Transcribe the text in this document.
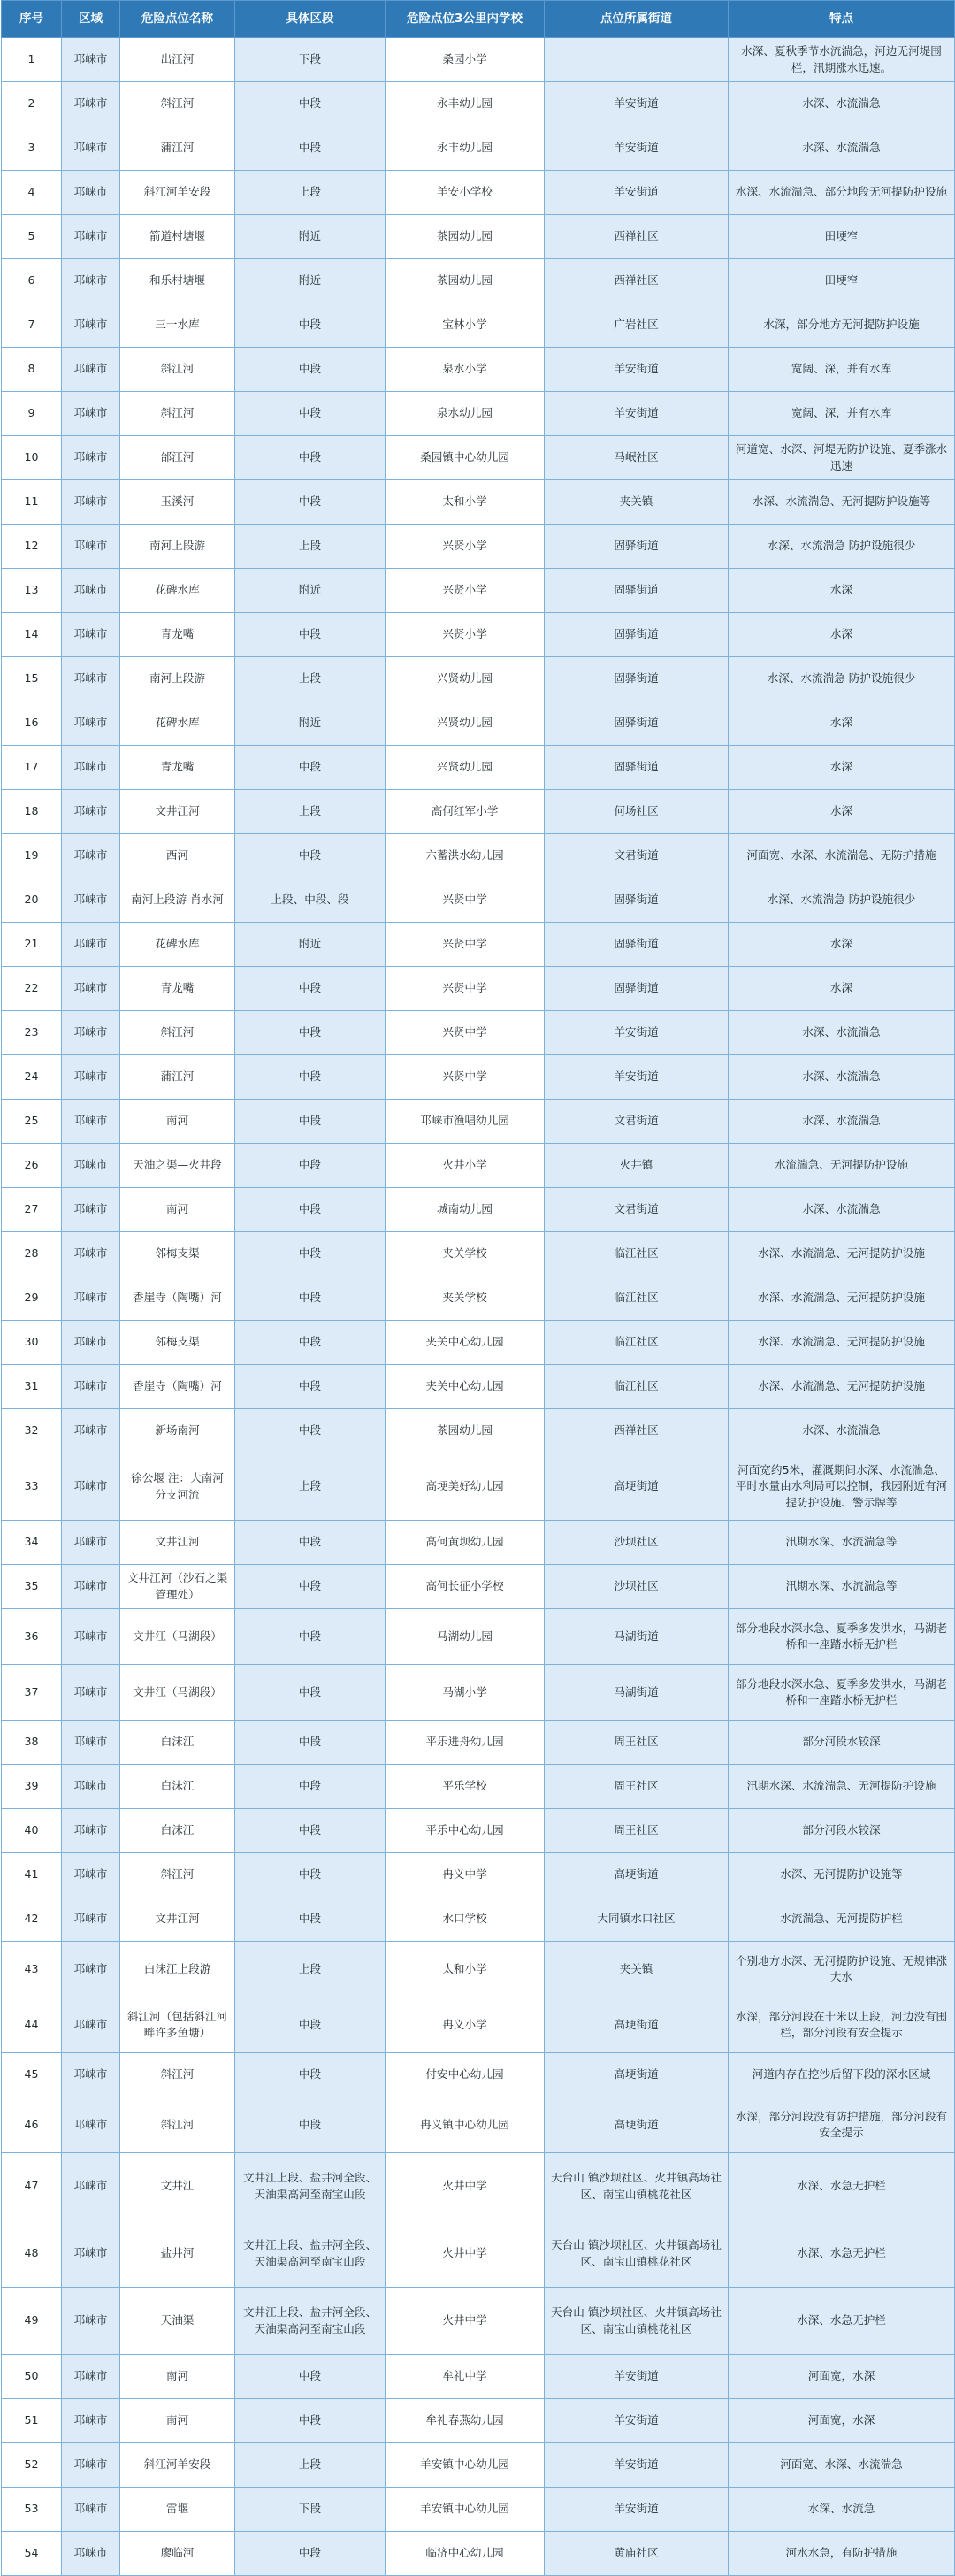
序号	区域	危险点位名称	具体区段	危险点位3公里内学校	点位所属街道	特点
1	邛崃市	出江河	下段	桑园小学		水深、夏秋季节水流湍急，河边无河堤围栏，汛期涨水迅速。
2	邛崃市	斜江河	中段	永丰幼儿园	羊安街道	水深、水流湍急
3	邛崃市	蒲江河	中段	永丰幼儿园	羊安街道	水深、水流湍急
4	邛崃市	斜江河羊安段	上段	羊安小学校	羊安街道	水深、水流湍急、部分地段无河提防护设施
5	邛崃市	箭道村塘堰	附近	茶园幼儿园	西禅社区	田埂窄
6	邛崃市	和乐村塘堰	附近	茶园幼儿园	西禅社区	田埂窄
7	邛崃市	三一水库	中段	宝林小学	广岩社区	水深，部分地方无河提防护设施
8	邛崃市	斜江河	中段	泉水小学	羊安街道	宽阔、深，并有水库
9	邛崃市	斜江河	中段	泉水幼儿园	羊安街道	宽阔、深，并有水库
10	邛崃市	邰江河	中段	桑园镇中心幼儿园	马岷社区	河道宽、水深、河堤无防护设施、夏季涨水迅速
11	邛崃市	玉溪河	中段	太和小学	夹关镇	水深、水流湍急、无河提防护设施等
12	邛崃市	南河上段游	上段	兴贤小学	固驿街道	水深、水流湍急 防护设施很少
13	邛崃市	花碑水库	附近	兴贤小学	固驿街道	水深
14	邛崃市	青龙嘴	中段	兴贤小学	固驿街道	水深
15	邛崃市	南河上段游	上段	兴贤幼儿园	固驿街道	水深、水流湍急 防护设施很少
16	邛崃市	花碑水库	附近	兴贤幼儿园	固驿街道	水深
17	邛崃市	青龙嘴	中段	兴贤幼儿园	固驿街道	水深
18	邛崃市	文井江河	上段	高何红军小学	何场社区	水深
19	邛崃市	西河	中段	六蓄洪水幼儿园	文君街道	河面宽、水深、水流湍急、无防护措施
20	邛崃市	南河上段游 肖水河	上段、中段、段	兴贤中学	固驿街道	水深、水流湍急 防护设施很少
21	邛崃市	花碑水库	附近	兴贤中学	固驿街道	水深
22	邛崃市	青龙嘴	中段	兴贤中学	固驿街道	水深
23	邛崃市	斜江河	中段	兴贤中学	羊安街道	水深、水流湍急
24	邛崃市	蒲江河	中段	兴贤中学	羊安街道	水深、水流湍急
25	邛崃市	南河	中段	邛崃市渔唱幼儿园	文君街道	水深、水流湍急
26	邛崃市	天油之渠—火井段	中段	火井小学	火井镇	水流湍急、无河提防护设施
27	邛崃市	南河	中段	城南幼儿园	文君街道	水深、水流湍急
28	邛崃市	邻梅支渠	中段	夹关学校	临江社区	水深、水流湍急、无河提防护设施
29	邛崃市	香崖寺（陶嘴）河	中段	夹关学校	临江社区	水深、水流湍急、无河提防护设施
30	邛崃市	邻梅支渠	中段	夹关中心幼儿园	临江社区	水深、水流湍急、无河提防护设施
31	邛崃市	香崖寺（陶嘴）河	中段	夹关中心幼儿园	临江社区	水深、水流湍急、无河提防护设施
32	邛崃市	新场南河	中段	茶园幼儿园	西禅社区	水深、水流湍急
33	邛崃市	徐公堰 注：大南河分支河流	上段	高埂美好幼儿园	高埂街道	河面宽约5米，灌溉期间水深、水流湍急、平时水量由水利局可以控制，我园附近有河提防护设施、警示牌等
34	邛崃市	文井江河	中段	高何黄坝幼儿园	沙坝社区	汛期水深、水流湍急等
35	邛崃市	文井江河（沙石之渠管理处）	中段	高何长征小学校	沙坝社区	汛期水深、水流湍急等
36	邛崃市	文井江（马湖段）	中段	马湖幼儿园	马湖街道	部分地段水深水急、夏季多发洪水，马湖老桥和一座踏水桥无护栏
37	邛崃市	文井江（马湖段）	中段	马湖小学	马湖街道	部分地段水深水急、夏季多发洪水，马湖老桥和一座踏水桥无护栏
38	邛崃市	白沫江	中段	平乐进舟幼儿园	周王社区	部分河段水较深
39	邛崃市	白沫江	中段	平乐学校	周王社区	汛期水深、水流湍急、无河提防护设施
40	邛崃市	白沫江	中段	平乐中心幼儿园	周王社区	部分河段水较深
41	邛崃市	斜江河	中段	冉义中学	高埂街道	水深、无河提防护设施等
42	邛崃市	文井江河	中段	水口学校	大同镇水口社区	水流湍急、无河提防护栏
43	邛崃市	白沫江上段游	上段	太和小学	夹关镇	个别地方水深、无河提防护设施、无规律涨大水
44	邛崃市	斜江河（包括斜江河畔许多鱼塘）	中段	冉义小学	高埂街道	水深，部分河段在十米以上段，河边没有围栏，部分河段有安全提示
45	邛崃市	斜江河	中段	付安中心幼儿园	高埂街道	河道内存在挖沙后留下段的深水区域
46	邛崃市	斜江河	中段	冉义镇中心幼儿园	高埂街道	水深，部分河段没有防护措施，部分河段有安全提示
47	邛崃市	文井江	文井江上段、盐井河全段、天油渠高河至南宝山段	火井中学	天台山 镇沙坝社区、火井镇高场社区、南宝山镇桃花社区	水深、水急无护栏
48	邛崃市	盐井河	文井江上段、盐井河全段、天油渠高河至南宝山段	火井中学	天台山 镇沙坝社区、火井镇高场社区、南宝山镇桃花社区	水深、水急无护栏
49	邛崃市	天油渠	文井江上段、盐井河全段、天油渠高河至南宝山段	火井中学	天台山 镇沙坝社区、火井镇高场社区、南宝山镇桃花社区	水深、水急无护栏
50	邛崃市	南河	中段	牟礼中学	羊安街道	河面宽，水深
51	邛崃市	南河	中段	牟礼春燕幼儿园	羊安街道	河面宽，水深
52	邛崃市	斜江河羊安段	上段	羊安镇中心幼儿园	羊安街道	河面宽、水深、水流湍急
53	邛崃市	雷堰	下段	羊安镇中心幼儿园	羊安街道	水深、水流急
54	邛崃市	廖临河	中段	临济中心幼儿园	黄庙社区	河水水急，有防护措施
